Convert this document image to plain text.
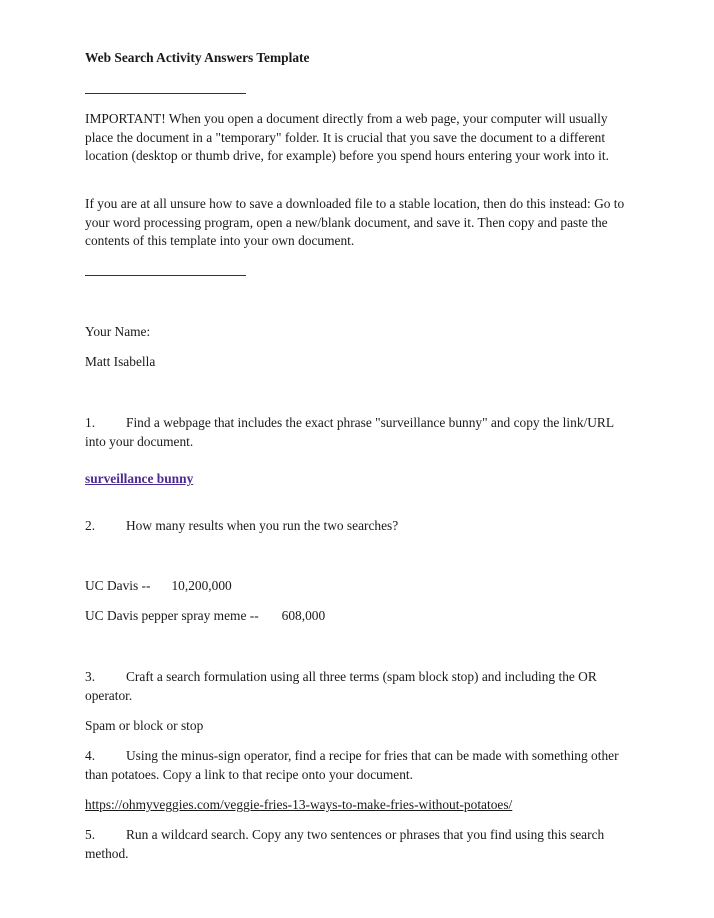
Web Search Activity Answers Template
IMPORTANT! When you open a document directly from a web page, your computer will usually place the document in a "temporary" folder. It is crucial that you save the document to a different location (desktop or thumb drive, for example) before you spend hours entering your work into it.
If you are at all unsure how to save a downloaded file to a stable location, then do this instead: Go to your word processing program, open a new/blank document, and save it. Then copy and paste the contents of this template into your own document.
Your Name:
Matt Isabella
1. Find a webpage that includes the exact phrase "surveillance bunny" and copy the link/URL into your document.
surveillance bunny
2. How many results when you run the two searches?
UC Davis -- 10,200,000
UC Davis pepper spray meme -- 608,000
3. Craft a search formulation using all three terms (spam block stop) and including the OR operator.
Spam or block or stop
4. Using the minus-sign operator, find a recipe for fries that can be made with something other than potatoes. Copy a link to that recipe onto your document.
https://ohmyveggies.com/veggie-fries-13-ways-to-make-fries-without-potatoes/
5. Run a wildcard search. Copy any two sentences or phrases that you find using this search method.
